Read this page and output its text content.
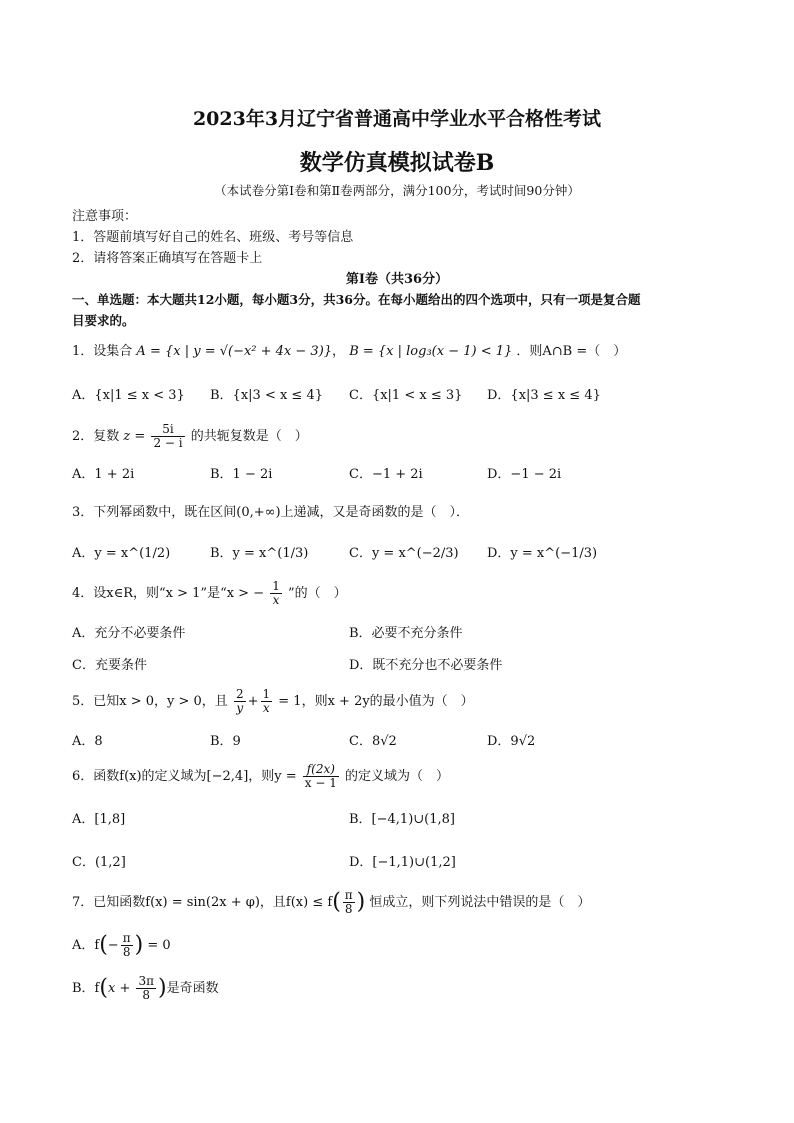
2023年3月辽宁省普通高中学业水平合格性考试
数学仿真模拟试卷B
（本试卷分第Ⅰ卷和第Ⅱ卷两部分，满分100分，考试时间90分钟）
注意事项：
1．答题前填写好自己的姓名、班级、考号等信息
2．请将答案正确填写在答题卡上
第Ⅰ卷（共36分）
一、单选题：本大题共12小题，每小题3分，共36分。在每小题给出的四个选项中，只有一项是复合题
目要求的。
1．设集合 A = {x | y = √(−x² + 4x − 3)}， B = {x | log₃(x − 1) < 1} ．则A∩B =（　）
A．{x|1 ≤ x < 3} B．{x|3 < x ≤ 4} C．{x|1 < x ≤ 3} D．{x|3 ≤ x ≤ 4}
2．复数 $z = \frac{5i}{2 - i}$ 的共轭复数是（　）
A．1 + 2i	B．1 − 2i	C．−1 + 2i	D．−1 − 2i
3．下列幂函数中，既在区间(0,+∞)上递减，又是奇函数的是（　）．
A．y = x^(1/2)	B．y = x^(1/3)	C．y = x^(−2/3) D．y = x^(−1/3)
4．设x∈R，则“x > 1”是“x > − $\frac{1}{x}$ ”的（　）
A．充分不必要条件	B．必要不充分条件
C．充要条件	D．既不充分也不必要条件
5．已知x > 0，y > 0，且 $\frac{2}{y} + \frac{1}{x} = 1$，则x + 2y的最小值为（　）
A．8	B．9	C．8√2	D．9√2
6．函数f(x)的定义域为[−2,4]，则$y = \frac{f(2x)}{x - 1}$ 的定义域为（　）
A．[1,8]	B．[−4,1)∪(1,8]
C．(1,2]	D．[−1,1)∪(1,2]
7．已知函数f(x) = sin(2x + φ)，且$f(x) \le f( \frac{\pi}{8}$ ) 恒成立，则下列说法中错误的是（　）
A．$f(- \frac{\pi}{8}$ ) = 0
B．$f(x + \frac{3\pi}{8}$ )是奇函数
